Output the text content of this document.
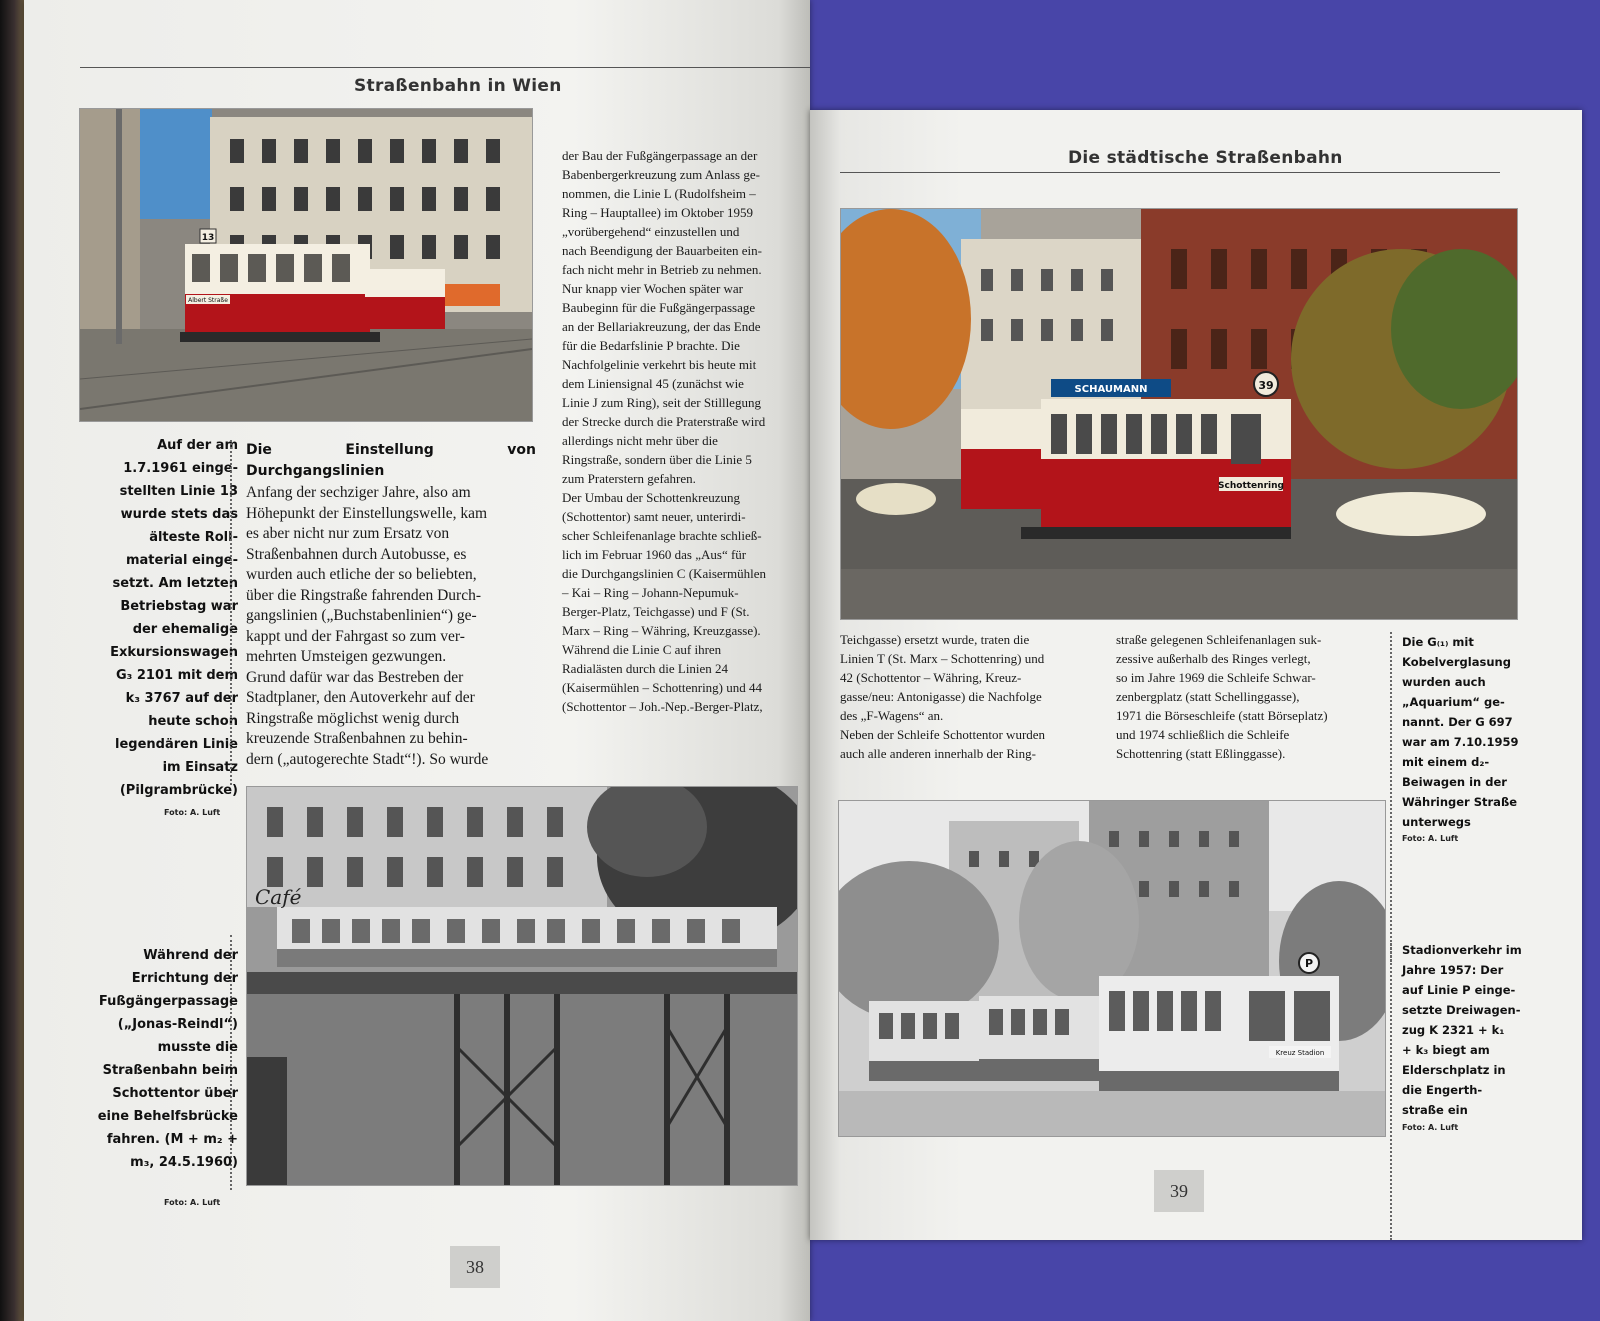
Straßenbahn in Wien
13
Albert Straße
Auf der am
1.7.1961 einge-
stellten Linie 13
wurde stets das
älteste Roll-
material einge-
setzt. Am letzten
Betriebstag war
der ehemalige
Exkursionswagen
G₃ 2101 mit dem
k₃ 3767 auf der
heute schon
legendären Linie
im Einsatz
(Pilgrambrücke)
Foto: A. Luft
Die Einstellung von Durchgangslinien

Anfang der sechziger Jahre, also am

Höhepunkt der Einstellungswelle, kam

es aber nicht nur zum Ersatz von

Straßenbahnen durch Autobusse, es

wurden auch etliche der so beliebten,

über die Ringstraße fahrenden Durch-

gangslinien („Buchstabenlinien“) ge-

kappt und der Fahrgast so zum ver-

mehrten Umsteigen gezwungen.

Grund dafür war das Bestreben der

Stadtplaner, den Autoverkehr auf der

Ringstraße möglichst wenig durch

kreuzende Straßenbahnen zu behin-

dern („autogerechte Stadt“!). So wurde

der Bau der Fußgängerpassage an der

Babenbergerkreuzung zum Anlass ge-

nommen, die Linie L (Rudolfsheim –

Ring – Hauptallee) im Oktober 1959

„vorübergehend“ einzustellen und

nach Beendigung der Bauarbeiten ein-

fach nicht mehr in Betrieb zu nehmen.

Nur knapp vier Wochen später war

Baubeginn für die Fußgängerpassage

an der Bellariakreuzung, der das Ende

für die Bedarfslinie P brachte. Die

Nachfolgelinie verkehrt bis heute mit

dem Liniensignal 45 (zunächst wie

Linie J zum Ring), seit der Stilllegung

der Strecke durch die Praterstraße wird

allerdings nicht mehr über die

Ringstraße, sondern über die Linie 5

zum Praterstern gefahren.

Der Umbau der Schottenkreuzung

(Schottentor) samt neuer, unterirdi-

scher Schleifenanlage brachte schließ-

lich im Februar 1960 das „Aus“ für

die Durchgangslinien C (Kaisermühlen

– Kai – Ring – Johann-Nepumuk-

Berger-Platz, Teichgasse) und F (St.

Marx – Ring – Währing, Kreuzgasse).

Während die Linie C auf ihren

Radialästen durch die Linien 24

(Kaisermühlen – Schottenring) und 44

(Schottentor – Joh.-Nep.-Berger-Platz,

Café
Während der
Errichtung der
Fußgängerpassage
(„Jonas-Reindl“)
musste die
Straßenbahn beim
Schottentor über
eine Behelfsbrücke
fahren. (M + m₂ +
m₃, 24.5.1960)
Foto: A. Luft
38
Die städtische Straßenbahn
SCHAUMANN	39
Schottenring

Teichgasse) ersetzt wurde, traten die

Linien T (St. Marx – Schottenring) und

42 (Schottentor – Währing, Kreuz-

gasse/neu: Antonigasse) die Nachfolge

des „F-Wagens“ an.

Neben der Schleife Schottentor wurden

auch alle anderen innerhalb der Ring-

straße gelegenen Schleifenanlagen suk-

zessive außerhalb des Ringes verlegt,

so im Jahre 1969 die Schleife Schwar-

zenbergplatz (statt Schellinggasse),

1971 die Börseschleife (statt Börseplatz)

und 1974 schließlich die Schleife

Schottenring (statt Eßlinggasse).

Die G₍₁₎ mit
Kobelverglasung
wurden auch
„Aquarium“ ge-
nannt. Der G 697
war am 7.10.1959
mit einem d₂-
Beiwagen in der
Währinger Straße
unterwegs
Foto: A. Luft
P
Kreuz Stadion
Stadionverkehr im
Jahre 1957: Der
auf Linie P einge-
setzte Dreiwagen-
zug K 2321 + k₁
+ k₃ biegt am
Elderschplatz in
die Engerth-
straße ein
Foto: A. Luft
39
